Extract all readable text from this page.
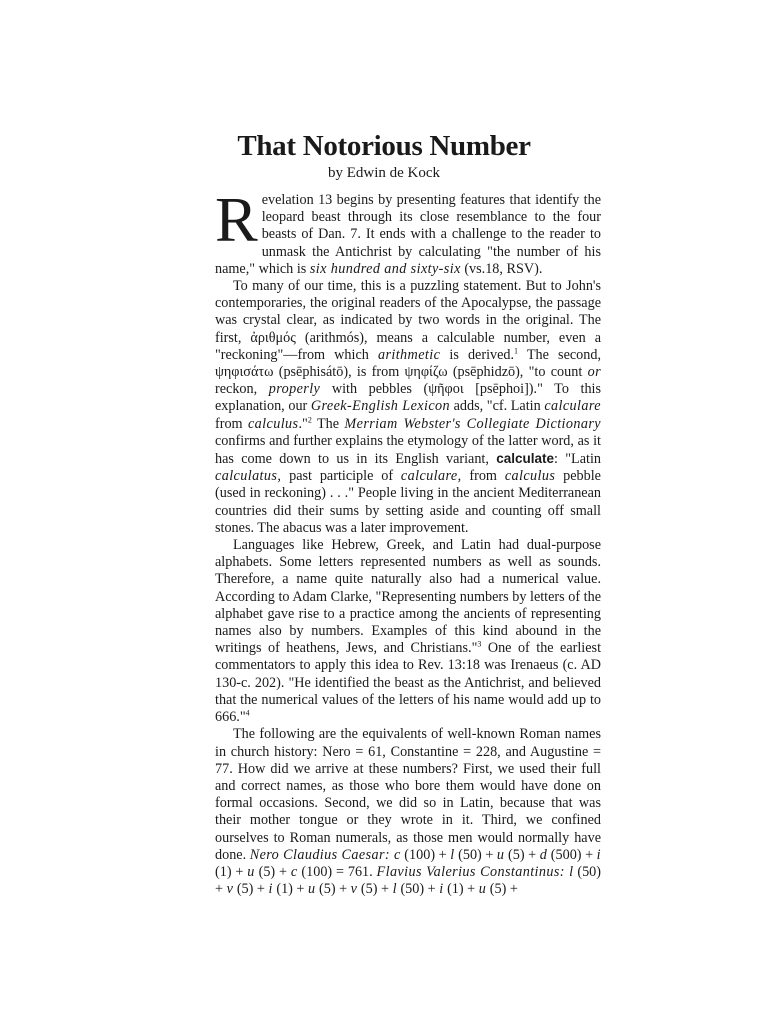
That Notorious Number
by Edwin de Kock

Revelation 13 begins by presenting features that identify the leopard beast through its close resemblance to the four beasts of Dan. 7. It ends with a challenge to the reader to unmask the Antichrist by calculating "the number of his name," which is six hundred and sixty-six (vs.18, RSV).

To many of our time, this is a puzzling statement. But to John's contemporaries, the original readers of the Apocalypse, the passage was crystal clear, as indicated by two words in the original. The first, ἀριθμός (arithmós), means a calculable number, even a "reckoning"—from which arithmetic is derived.$^1$ The second, ψηφισάτω (psēphisátō), is from ψηφίζω (psēphidzō), "to count or reckon, properly with pebbles (ψῆφοι [psēphoi])." To this explanation, our Greek-English Lexicon adds, "cf. Latin calculare from calculus."$^2$ The Merriam Webster's Collegiate Dictionary confirms and further explains the etymology of the latter word, as it has come down to us in its English variant, calculate: "Latin calculatus, past participle of calculare, from calculus pebble (used in reckoning) . . ." People living in the ancient Mediterranean countries did their sums by setting aside and counting off small stones. The abacus was a later improvement.

Languages like Hebrew, Greek, and Latin had dual-purpose alphabets. Some letters represented numbers as well as sounds. Therefore, a name quite naturally also had a numerical value. According to Adam Clarke, "Representing numbers by letters of the alphabet gave rise to a practice among the ancients of representing names also by numbers. Examples of this kind abound in the writings of heathens, Jews, and Christians."$^3$ One of the earliest commentators to apply this idea to Rev. 13:18 was Irenaeus (c. AD 130-c. 202). "He identified the beast as the Antichrist, and believed that the numerical values of the letters of his name would add up to 666."$^4$

The following are the equivalents of well-known Roman names in church history: Nero = 61, Constantine = 228, and Augustine = 77. How did we arrive at these numbers? First, we used their full and correct names, as those who bore them would have done on formal occasions. Second, we did so in Latin, because that was their mother tongue or they wrote in it. Third, we confined ourselves to Roman numerals, as those men would normally have done. Nero Claudius Caesar: c (100) + l (50) + u (5) + d (500) + i (1) + u (5) + c (100) = 761. Flavius Valerius Constantinus: l (50) + v (5) + i (1) + u (5) + v (5) + l (50) + i (1) + u (5) +
